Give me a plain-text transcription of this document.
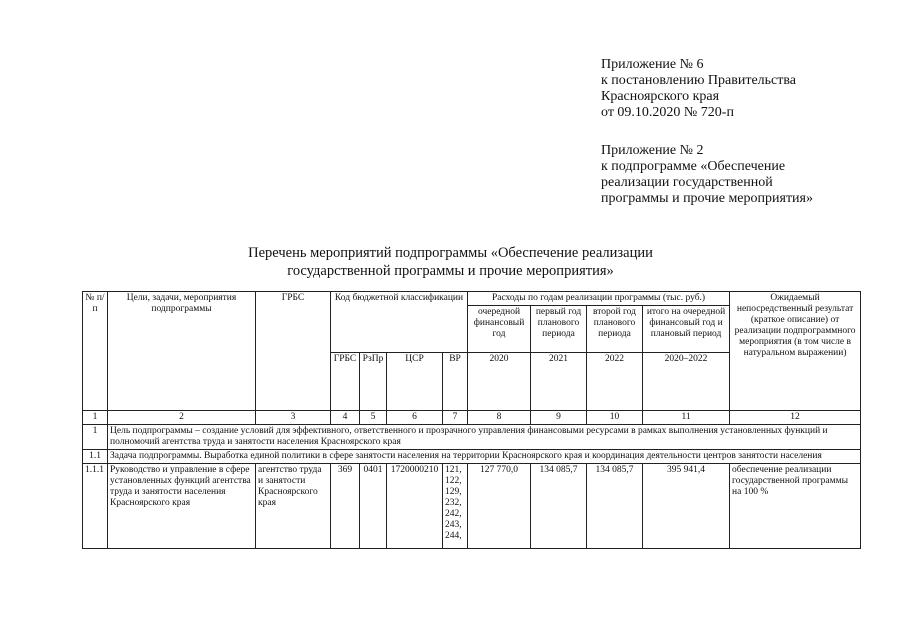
Приложение № 6
к постановлению Правительства
Красноярского края
от 09.10.2020 № 720-п
Приложение № 2
к подпрограмме «Обеспечение
реализации государственной
программы и прочие мероприятия»
Перечень мероприятий подпрограммы «Обеспечение реализации
государственной программы и прочие мероприятия»
№ п/п	Цели, задачи, мероприятия подпрограммы	ГРБС	Код бюджетной классификации				Расходы по годам реализации программы (тыс. руб.)				Ожидаемый непосредственный результат (краткое описание) от реализации подпрограммного мероприятия (в том числе в натуральном выражении)
							очередной финансовый год	первый год планового периода	второй год планового периода	итого на очередной финансовый год и плановый период	
			ГРБС	РзПр	ЦСР	ВР	2020	2021	2022	2020–2022	
1	2	3	4	5	6	7	8	9	10	11	12
1	Цель подпрограммы – создание условий для эффективного, ответственного и прозрачного управления финансовыми ресурсами в рамках выполнения установленных функций и полномочий агентства труда и занятости населения Красноярского края										
1.1	Задача подпрограммы. Выработка единой политики в сфере занятости населения на территории Красноярского края и координация деятельности центров занятости населения										
1.1.1	Руководство и управление в сфере установленных функций агентства труда и занятости населения Красноярского края	агентство труда и занятости Красноярского края	369	0401	1720000210	121, 122, 129, 232, 242, 243, 244,	127 770,0	134 085,7	134 085,7	395 941,4	обеспечение реализации государственной программы на 100 %
